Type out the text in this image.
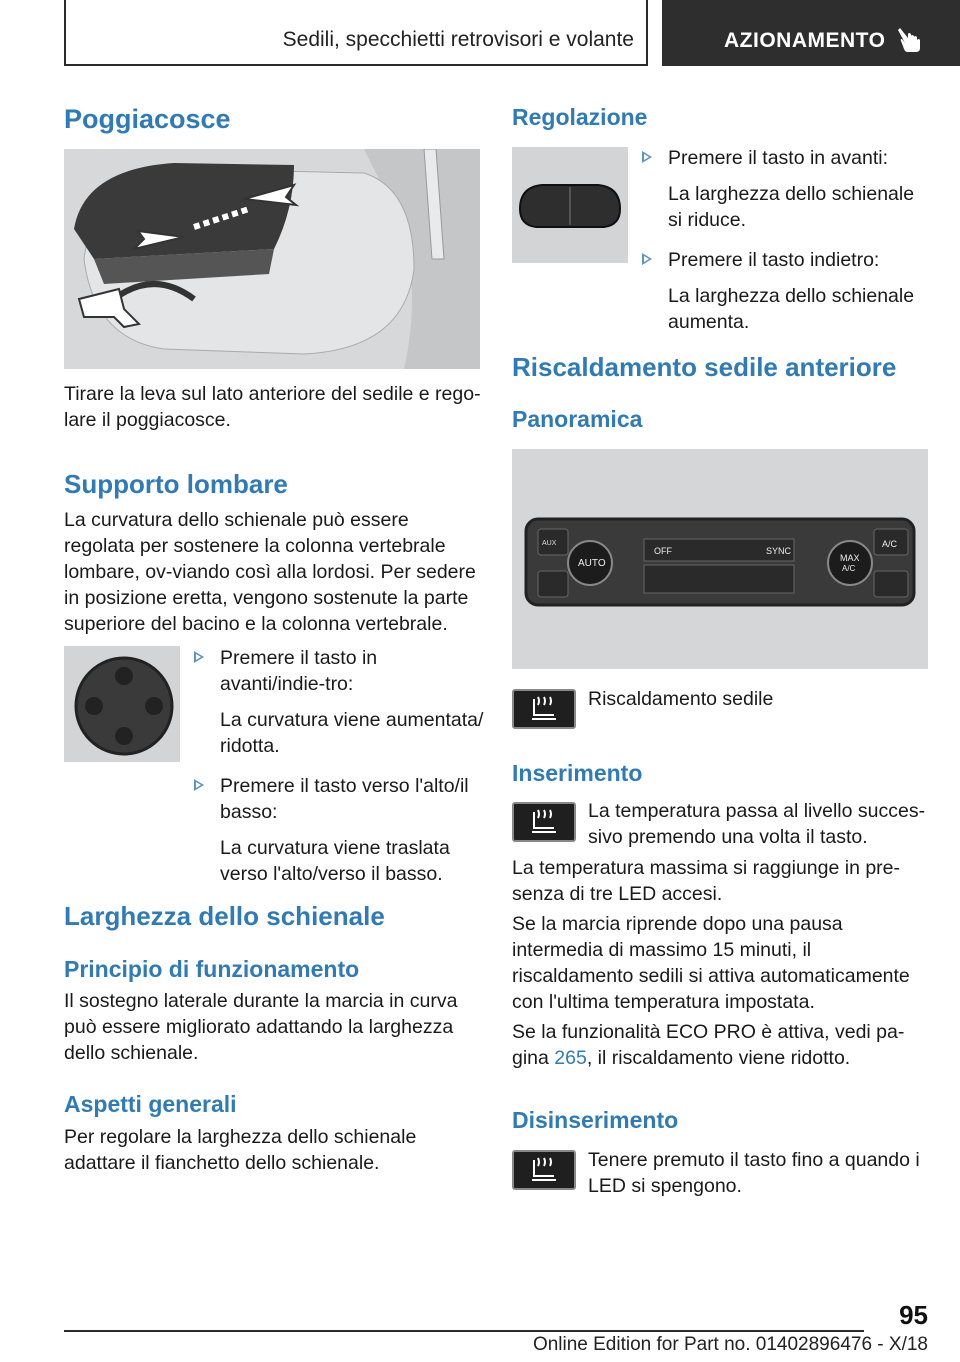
Sedili, specchietti retrovisori e volante	AZIONAMENTO
Poggiacosce

Tirare la leva sul lato anteriore del sedile e rego-lare il poggiacosce.

Supporto lombare

La curvatura dello schienale può essere regolata per sostenere la colonna vertebrale lombare, ov-viando così alla lordosi. Per sedere in posizione eretta, vengono sostenute la parte superiore del bacino e la colonna vertebrale.

Premere il tasto in avanti/indie-tro:
La curvatura viene aumentata/ ridotta.
Premere il tasto verso l'alto/il basso:
La curvatura viene traslata verso l'alto/verso il basso.
Larghezza dello schienale
Principio di funzionamento

Il sostegno laterale durante la marcia in curva può essere migliorato adattando la larghezza dello schienale.

Aspetti generali

Per regolare la larghezza dello schienale adattare il fianchetto dello schienale.

Regolazione
Premere il tasto in avanti:
La larghezza dello schienale si riduce.
Premere il tasto indietro:
La larghezza dello schienale aumenta.
Riscaldamento sedile anteriore
Panoramica
AUX
AUTO
OFF	SYNC
MAX
A/C
A/C

Riscaldamento sedile

Inserimento

La temperatura passa al livello succes-sivo premendo una volta il tasto.

La temperatura massima si raggiunge in pre-senza di tre LED accesi.

Se la marcia riprende dopo una pausa intermedia di massimo 15 minuti, il riscaldamento sedili si attiva automaticamente con l'ultima temperatura impostata.

Se la funzionalità ECO PRO è attiva, vedi pa-gina 265, il riscaldamento viene ridotto.

Disinserimento

Tenere premuto il tasto fino a quando i LED si spengono.

95
Online Edition for Part no. 01402896476 - X/18
